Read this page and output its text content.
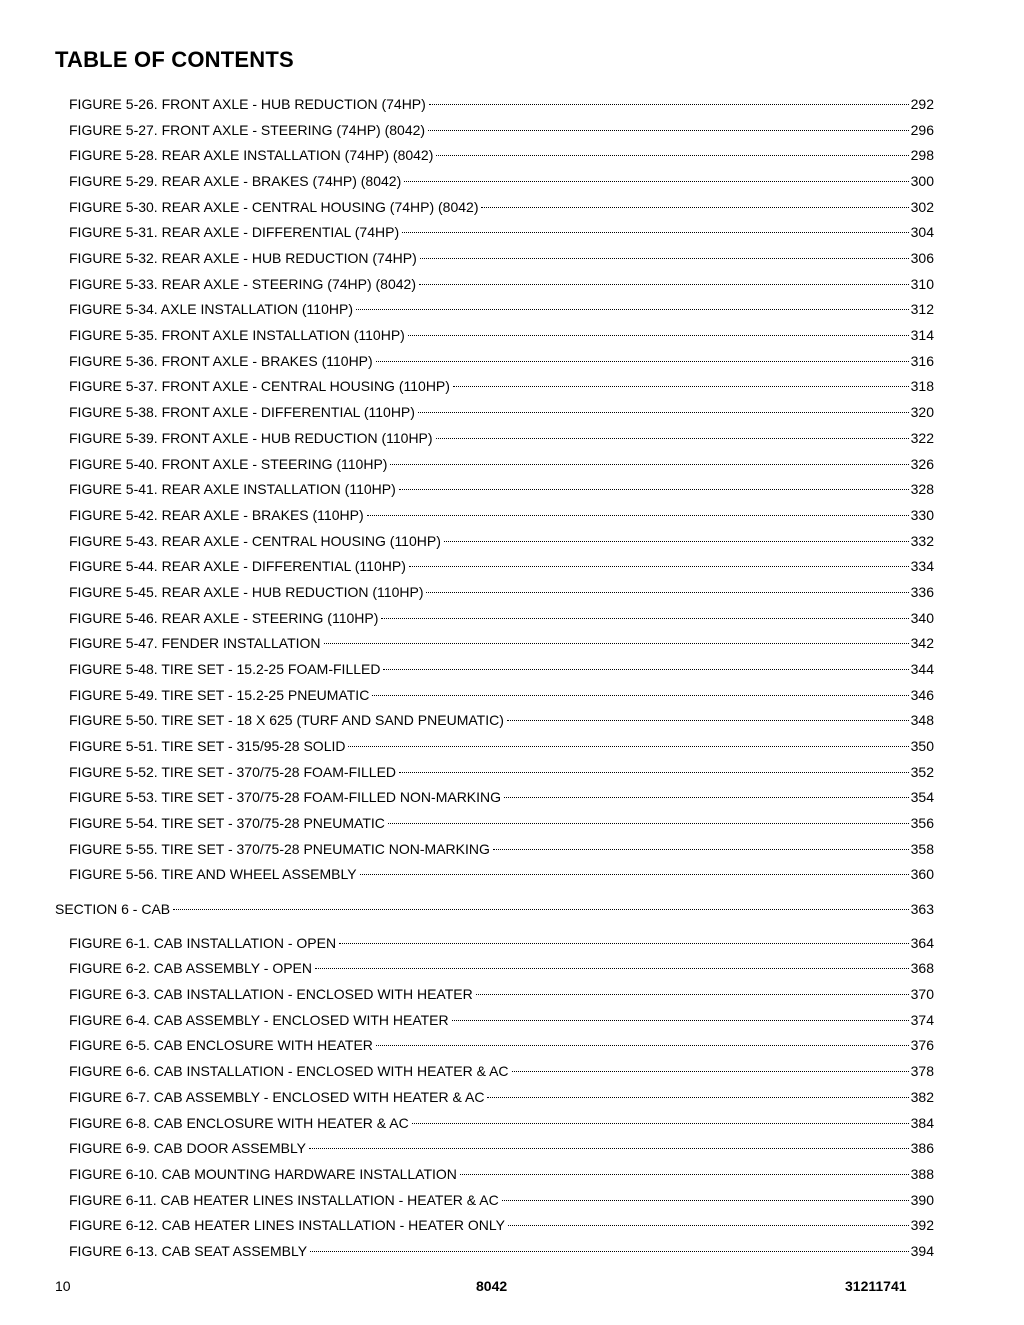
TABLE OF CONTENTS
FIGURE 5-26. FRONT AXLE - HUB REDUCTION (74HP)	292
FIGURE 5-27. FRONT AXLE - STEERING (74HP) (8042)	296
FIGURE 5-28. REAR AXLE INSTALLATION (74HP) (8042)	298
FIGURE 5-29. REAR AXLE - BRAKES (74HP) (8042)	300
FIGURE 5-30. REAR AXLE - CENTRAL HOUSING (74HP) (8042)	302
FIGURE 5-31. REAR AXLE - DIFFERENTIAL (74HP)	304
FIGURE 5-32. REAR AXLE - HUB REDUCTION (74HP)	306
FIGURE 5-33. REAR AXLE - STEERING (74HP) (8042)	310
FIGURE 5-34. AXLE INSTALLATION (110HP)	312
FIGURE 5-35. FRONT AXLE INSTALLATION (110HP)	314
FIGURE 5-36. FRONT AXLE - BRAKES (110HP)	316
FIGURE 5-37. FRONT AXLE - CENTRAL HOUSING (110HP)	318
FIGURE 5-38. FRONT AXLE - DIFFERENTIAL (110HP)	320
FIGURE 5-39. FRONT AXLE - HUB REDUCTION (110HP)	322
FIGURE 5-40. FRONT AXLE - STEERING (110HP)	326
FIGURE 5-41. REAR AXLE INSTALLATION (110HP)	328
FIGURE 5-42. REAR AXLE - BRAKES (110HP)	330
FIGURE 5-43. REAR AXLE - CENTRAL HOUSING (110HP)	332
FIGURE 5-44. REAR AXLE - DIFFERENTIAL (110HP)	334
FIGURE 5-45. REAR AXLE - HUB REDUCTION (110HP)	336
FIGURE 5-46. REAR AXLE - STEERING (110HP)	340
FIGURE 5-47. FENDER INSTALLATION	342
FIGURE 5-48. TIRE SET - 15.2-25 FOAM-FILLED	344
FIGURE 5-49. TIRE SET - 15.2-25 PNEUMATIC	346
FIGURE 5-50. TIRE SET - 18 X 625 (TURF AND SAND PNEUMATIC)	348
FIGURE 5-51. TIRE SET - 315/95-28 SOLID	350
FIGURE 5-52. TIRE SET - 370/75-28 FOAM-FILLED	352
FIGURE 5-53. TIRE SET - 370/75-28 FOAM-FILLED NON-MARKING	354
FIGURE 5-54. TIRE SET - 370/75-28 PNEUMATIC	356
FIGURE 5-55. TIRE SET - 370/75-28 PNEUMATIC NON-MARKING	358
FIGURE 5-56. TIRE AND WHEEL ASSEMBLY	360
SECTION 6 - CAB	363
FIGURE 6-1. CAB INSTALLATION - OPEN	364
FIGURE 6-2. CAB ASSEMBLY - OPEN	368
FIGURE 6-3. CAB INSTALLATION - ENCLOSED WITH HEATER	370
FIGURE 6-4. CAB ASSEMBLY - ENCLOSED WITH HEATER	374
FIGURE 6-5. CAB ENCLOSURE WITH HEATER	376
FIGURE 6-6. CAB INSTALLATION - ENCLOSED WITH HEATER & AC	378
FIGURE 6-7. CAB ASSEMBLY - ENCLOSED WITH HEATER & AC	382
FIGURE 6-8. CAB ENCLOSURE WITH HEATER & AC	384
FIGURE 6-9. CAB DOOR ASSEMBLY	386
FIGURE 6-10. CAB MOUNTING HARDWARE INSTALLATION	388
FIGURE 6-11. CAB HEATER LINES INSTALLATION - HEATER & AC	390
FIGURE 6-12. CAB HEATER LINES INSTALLATION - HEATER ONLY	392
FIGURE 6-13. CAB SEAT ASSEMBLY	394
10	8042	31211741
